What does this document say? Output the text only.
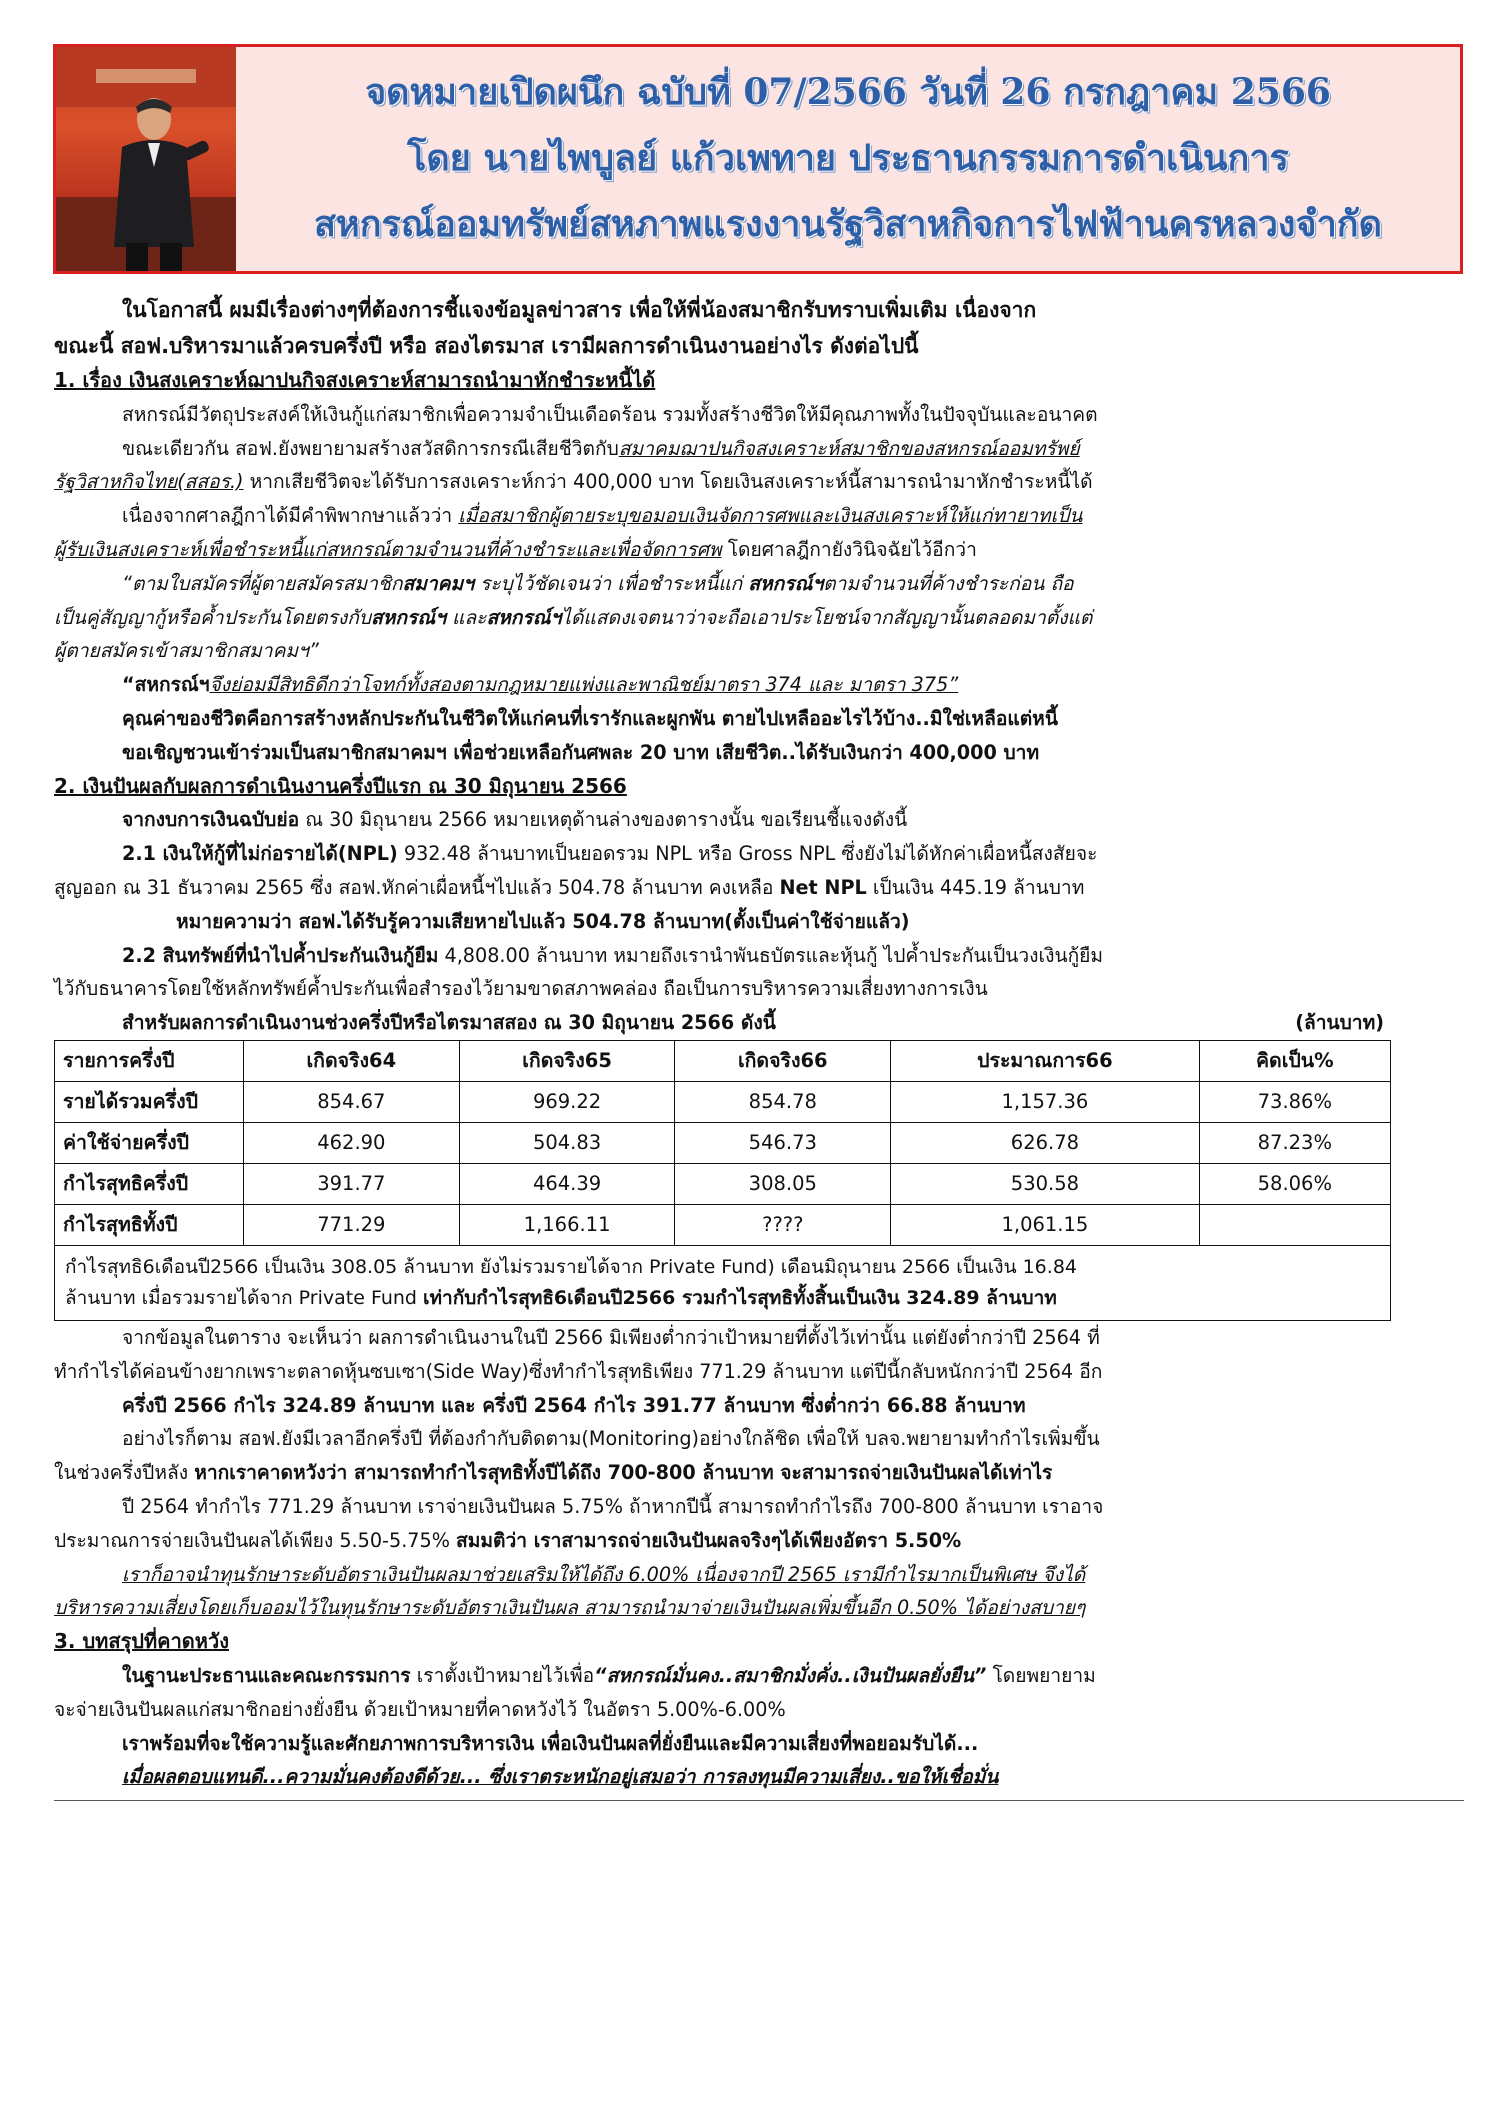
จดหมายเปิดผนึก ฉบับที่ 07/2566 วันที่ 26 กรกฎาคม 2566
โดย นายไพบูลย์ แก้วเพทาย ประธานกรรมการดำเนินการ
สหกรณ์ออมทรัพย์สหภาพแรงงานรัฐวิสาหกิจการไฟฟ้านครหลวงจำกัด

ในโอกาสนี้ ผมมีเรื่องต่างๆที่ต้องการชี้แจงข้อมูลข่าวสาร เพื่อให้พี่น้องสมาชิกรับทราบเพิ่มเติม เนื่องจาก

ขณะนี้ สอฟ.บริหารมาแล้วครบครึ่งปี หรือ สองไตรมาส เรามีผลการดำเนินงานอย่างไร ดังต่อไปนี้

1. เรื่อง เงินสงเคราะห์ฌาปนกิจสงเคราะห์สามารถนำมาหักชำระหนี้ได้

สหกรณ์มีวัตถุประสงค์ให้เงินกู้แก่สมาชิกเพื่อความจำเป็นเดือดร้อน รวมทั้งสร้างชีวิตให้มีคุณภาพทั้งในปัจจุบันและอนาคต

ขณะเดียวกัน สอฟ.ยังพยายามสร้างสวัสดิการกรณีเสียชีวิตกับสมาคมฌาปนกิจสงเคราะห์สมาชิกของสหกรณ์ออมทรัพย์

รัฐวิสาหกิจไทย(สสอร.) หากเสียชีวิตจะได้รับการสงเคราะห์กว่า 400,000 บาท โดยเงินสงเคราะห์นี้สามารถนำมาหักชำระหนี้ได้

เนื่องจากศาลฎีกาได้มีคำพิพากษาแล้วว่า เมื่อสมาชิกผู้ตายระบุขอมอบเงินจัดการศพและเงินสงเคราะห์ให้แก่ทายาทเป็น

ผู้รับเงินสงเคราะห์เพื่อชำระหนี้แก่สหกรณ์ตามจำนวนที่ค้างชำระและเพื่อจัดการศพ โดยศาลฎีกายังวินิจฉัยไว้อีกว่า

“ตามใบสมัครที่ผู้ตายสมัครสมาชิกสมาคมฯ ระบุไว้ชัดเจนว่า เพื่อชำระหนี้แก่ สหกรณ์ฯตามจำนวนที่ค้างชำระก่อน ถือ

เป็นคู่สัญญากู้หรือค้ำประกันโดยตรงกับสหกรณ์ฯ และสหกรณ์ฯได้แสดงเจตนาว่าจะถือเอาประโยชน์จากสัญญานั้นตลอดมาตั้งแต่

ผู้ตายสมัครเข้าสมาชิกสมาคมฯ”

“สหกรณ์ฯจึงย่อมมีสิทธิดีกว่าโจทก์ทั้งสองตามกฎหมายแพ่งและพาณิชย์มาตรา 374 และ มาตรา 375”

คุณค่าของชีวิตคือการสร้างหลักประกันในชีวิตให้แก่คนที่เรารักและผูกพัน ตายไปเหลืออะไรไว้บ้าง..มิใช่เหลือแต่หนี้

ขอเชิญชวนเข้าร่วมเป็นสมาชิกสมาคมฯ เพื่อช่วยเหลือกันศพละ 20 บาท เสียชีวิต..ได้รับเงินกว่า 400,000 บาท

2. เงินปันผลกับผลการดำเนินงานครึ่งปีแรก ณ 30 มิถุนายน 2566

จากงบการเงินฉบับย่อ ณ 30 มิถุนายน 2566 หมายเหตุด้านล่างของตารางนั้น ขอเรียนชี้แจงดังนี้

2.1 เงินให้กู้ที่ไม่ก่อรายได้(NPL) 932.48 ล้านบาทเป็นยอดรวม NPL หรือ Gross NPL ซึ่งยังไม่ได้หักค่าเผื่อหนี้สงสัยจะ

สูญออก ณ 31 ธันวาคม 2565 ซึ่ง สอฟ.หักค่าเผื่อหนี้ฯไปแล้ว 504.78 ล้านบาท คงเหลือ Net NPL เป็นเงิน 445.19 ล้านบาท

หมายความว่า สอฟ.ได้รับรู้ความเสียหายไปแล้ว 504.78 ล้านบาท(ตั้งเป็นค่าใช้จ่ายแล้ว)

2.2 สินทรัพย์ที่นำไปค้ำประกันเงินกู้ยืม 4,808.00 ล้านบาท หมายถึงเรานำพันธบัตรและหุ้นกู้ ไปค้ำประกันเป็นวงเงินกู้ยืม

ไว้กับธนาคารโดยใช้หลักทรัพย์ค้ำประกันเพื่อสำรองไว้ยามขาดสภาพคล่อง ถือเป็นการบริหารความเสี่ยงทางการเงิน

สำหรับผลการดำเนินงานช่วงครึ่งปีหรือไตรมาสสอง ณ 30 มิถุนายน 2566 ดังนี้	(ล้านบาท)
รายการครึ่งปี	เกิดจริง64	เกิดจริง65	เกิดจริง66	ประมาณการ66	คิดเป็น%
รายได้รวมครึ่งปี	854.67	969.22	854.78	1,157.36	73.86%
ค่าใช้จ่ายครึ่งปี	462.90	504.83	546.73	626.78	87.23%
กำไรสุทธิครึ่งปี	391.77	464.39	308.05	530.58	58.06%
กำไรสุทธิทั้งปี	771.29	1,166.11	????	1,061.15	
กำไรสุทธิ6เดือนปี2566 เป็นเงิน 308.05 ล้านบาท ยังไม่รวมรายได้จาก Private Fund) เดือนมิถุนายน 2566 เป็นเงิน 16.84
ล้านบาท เมื่อรวมรายได้จาก Private Fund เท่ากับกำไรสุทธิ6เดือนปี2566 รวมกำไรสุทธิทั้งสิ้นเป็นเงิน 324.89 ล้านบาท

จากข้อมูลในตาราง จะเห็นว่า ผลการดำเนินงานในปี 2566 มิเพียงต่ำกว่าเป้าหมายที่ตั้งไว้เท่านั้น แต่ยังต่ำกว่าปี 2564 ที่

ทำกำไรได้ค่อนข้างยากเพราะตลาดหุ้นซบเซา(Side Way)ซึ่งทำกำไรสุทธิเพียง 771.29 ล้านบาท แต่ปีนี้กลับหนักกว่าปี 2564 อีก

ครึ่งปี 2566 กำไร 324.89 ล้านบาท และ ครึ่งปี 2564 กำไร 391.77 ล้านบาท ซึ่งต่ำกว่า 66.88 ล้านบาท

อย่างไรก็ตาม สอฟ.ยังมีเวลาอีกครึ่งปี ที่ต้องกำกับติดตาม(Monitoring)อย่างใกล้ชิด เพื่อให้ บลจ.พยายามทำกำไรเพิ่มขึ้น

ในช่วงครึ่งปีหลัง หากเราคาดหวังว่า สามารถทำกำไรสุทธิทั้งปีได้ถึง 700-800 ล้านบาท จะสามารถจ่ายเงินปันผลได้เท่าไร

ปี 2564 ทำกำไร 771.29 ล้านบาท เราจ่ายเงินปันผล 5.75% ถ้าหากปีนี้ สามารถทำกำไรถึง 700-800 ล้านบาท เราอาจ

ประมาณการจ่ายเงินปันผลได้เพียง 5.50-5.75% สมมติว่า เราสามารถจ่ายเงินปันผลจริงๆได้เพียงอัตรา 5.50%

เราก็อาจนำทุนรักษาระดับอัตราเงินปันผลมาช่วยเสริมให้ได้ถึง 6.00% เนื่องจากปี 2565 เรามีกำไรมากเป็นพิเศษ จึงได้

บริหารความเสี่ยงโดยเก็บออมไว้ในทุนรักษาระดับอัตราเงินปันผล สามารถนำมาจ่ายเงินปันผลเพิ่มขึ้นอีก 0.50% ได้อย่างสบายๆ

3. บทสรุปที่คาดหวัง

ในฐานะประธานและคณะกรรมการ เราตั้งเป้าหมายไว้เพื่อ“สหกรณ์มั่นคง..สมาชิกมั่งคั่ง..เงินปันผลยั่งยืน” โดยพยายาม

จะจ่ายเงินปันผลแก่สมาชิกอย่างยั่งยืน ด้วยเป้าหมายที่คาดหวังไว้ ในอัตรา 5.00%-6.00%

เราพร้อมที่จะใช้ความรู้และศักยภาพการบริหารเงิน เพื่อเงินปันผลที่ยั่งยืนและมีความเสี่ยงที่พอยอมรับได้...

เมื่อผลตอบแทนดี...ความมั่นคงต้องดีด้วย... ซึ่งเราตระหนักอยู่เสมอว่า การลงทุนมีความเสี่ยง..ขอให้เชื่อมั่น
